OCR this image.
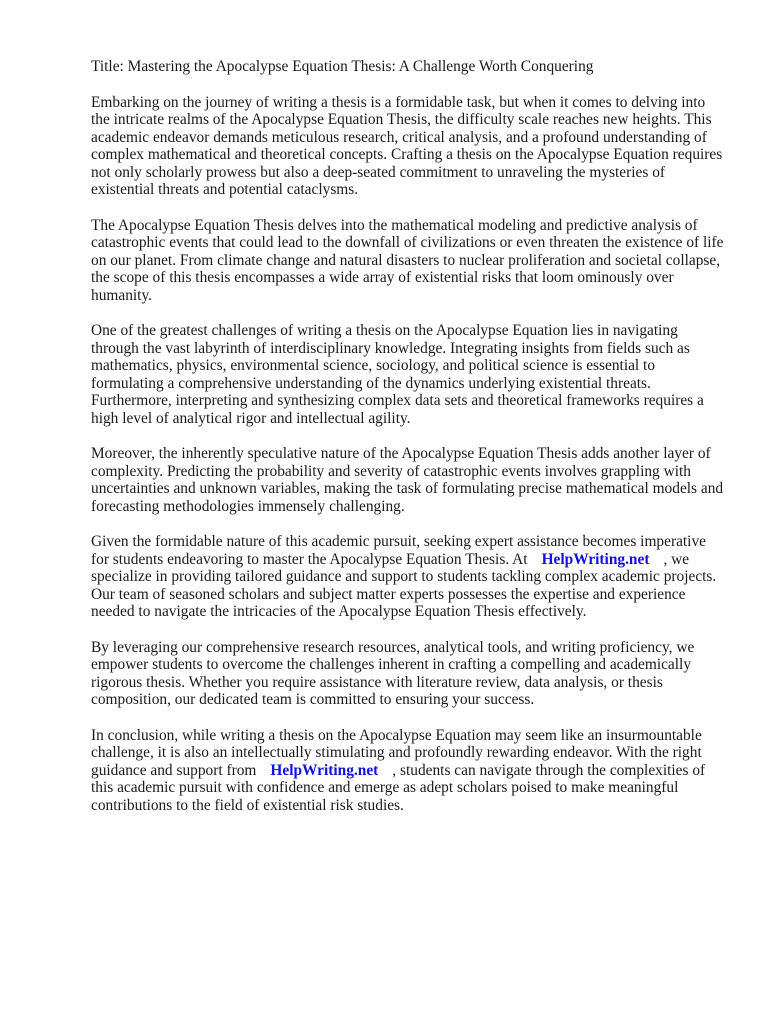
Title: Mastering the Apocalypse Equation Thesis: A Challenge Worth Conquering

Embarking on the journey of writing a thesis is a formidable task, but when it comes to delving into the intricate realms of the Apocalypse Equation Thesis, the difficulty scale reaches new heights. This academic endeavor demands meticulous research, critical analysis, and a profound understanding of complex mathematical and theoretical concepts. Crafting a thesis on the Apocalypse Equation requires not only scholarly prowess but also a deep-seated commitment to unraveling the mysteries of existential threats and potential cataclysms.

The Apocalypse Equation Thesis delves into the mathematical modeling and predictive analysis of catastrophic events that could lead to the downfall of civilizations or even threaten the existence of life on our planet. From climate change and natural disasters to nuclear proliferation and societal collapse, the scope of this thesis encompasses a wide array of existential risks that loom ominously over humanity.

One of the greatest challenges of writing a thesis on the Apocalypse Equation lies in navigating through the vast labyrinth of interdisciplinary knowledge. Integrating insights from fields such as mathematics, physics, environmental science, sociology, and political science is essential to formulating a comprehensive understanding of the dynamics underlying existential threats. Furthermore, interpreting and synthesizing complex data sets and theoretical frameworks requires a high level of analytical rigor and intellectual agility.

Moreover, the inherently speculative nature of the Apocalypse Equation Thesis adds another layer of complexity. Predicting the probability and severity of catastrophic events involves grappling with uncertainties and unknown variables, making the task of formulating precise mathematical models and forecasting methodologies immensely challenging.

Given the formidable nature of this academic pursuit, seeking expert assistance becomes imperative for students endeavoring to master the Apocalypse Equation Thesis. At HelpWriting.net , we specialize in providing tailored guidance and support to students tackling complex academic projects. Our team of seasoned scholars and subject matter experts possesses the expertise and experience needed to navigate the intricacies of the Apocalypse Equation Thesis effectively.

By leveraging our comprehensive research resources, analytical tools, and writing proficiency, we empower students to overcome the challenges inherent in crafting a compelling and academically rigorous thesis. Whether you require assistance with literature review, data analysis, or thesis composition, our dedicated team is committed to ensuring your success.

In conclusion, while writing a thesis on the Apocalypse Equation may seem like an insurmountable challenge, it is also an intellectually stimulating and profoundly rewarding endeavor. With the right guidance and support from HelpWriting.net , students can navigate through the complexities of this academic pursuit with confidence and emerge as adept scholars poised to make meaningful contributions to the field of existential risk studies.
